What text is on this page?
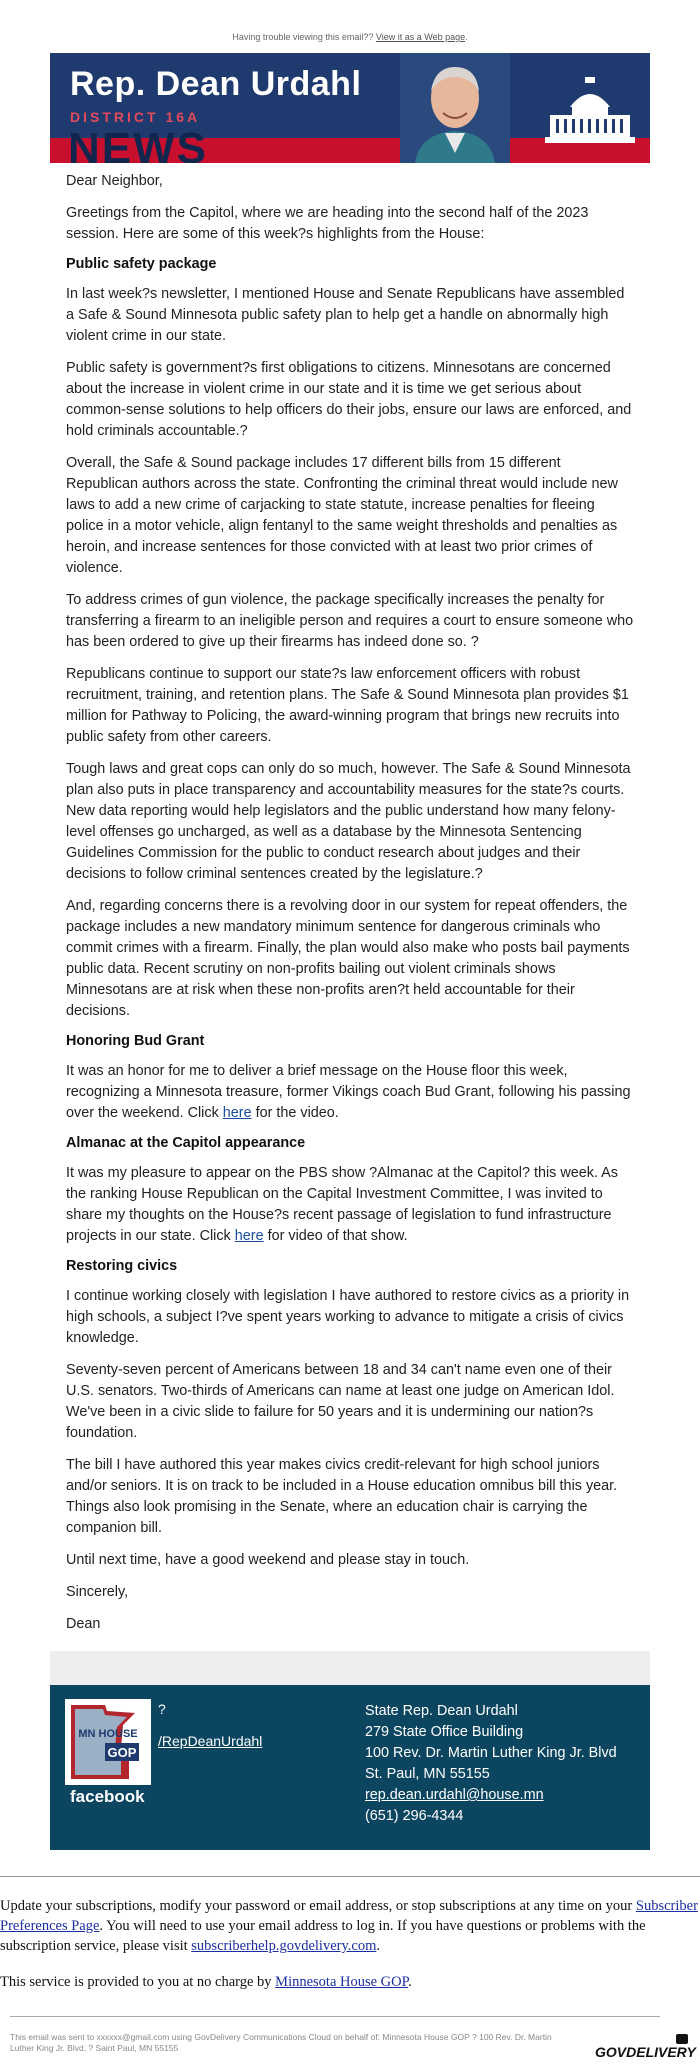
Having trouble viewing this email?? View it as a Web page.
Rep. Dean Urdahl
DISTRICT 16A
NEWS

Dear Neighbor,

Greetings from the Capitol, where we are heading into the second half of the 2023 session. Here are some of this week?s highlights from the House:

Public safety package

In last week?s newsletter, I mentioned House and Senate Republicans have assembled a Safe & Sound Minnesota public safety plan to help get a handle on abnormally high violent crime in our state.

Public safety is government?s first obligations to citizens. Minnesotans are concerned about the increase in violent crime in our state and it is time we get serious about common-sense solutions to help officers do their jobs, ensure our laws are enforced, and hold criminals accountable.?

Overall, the Safe & Sound package includes 17 different bills from 15 different Republican authors across the state. Confronting the criminal threat would include new laws to add a new crime of carjacking to state statute, increase penalties for fleeing police in a motor vehicle, align fentanyl to the same weight thresholds and penalties as heroin, and increase sentences for those convicted with at least two prior crimes of violence.

To address crimes of gun violence, the package specifically increases the penalty for transferring a firearm to an ineligible person and requires a court to ensure someone who has been ordered to give up their firearms has indeed done so. ?

Republicans continue to support our state?s law enforcement officers with robust recruitment, training, and retention plans. The Safe & Sound Minnesota plan provides $1 million for Pathway to Policing, the award-winning program that brings new recruits into public safety from other careers.

Tough laws and great cops can only do so much, however. The Safe & Sound Minnesota plan also puts in place transparency and accountability measures for the state?s courts. New data reporting would help legislators and the public understand how many felony-level offenses go uncharged, as well as a database by the Minnesota Sentencing Guidelines Commission for the public to conduct research about judges and their decisions to follow criminal sentences created by the legislature.?

And, regarding concerns there is a revolving door in our system for repeat offenders, the package includes a new mandatory minimum sentence for dangerous criminals who commit crimes with a firearm. Finally, the plan would also make who posts bail payments public data. Recent scrutiny on non-profits bailing out violent criminals shows Minnesotans are at risk when these non-profits aren?t held accountable for their decisions.

Honoring Bud Grant

It was an honor for me to deliver a brief message on the House floor this week, recognizing a Minnesota treasure, former Vikings coach Bud Grant, following his passing over the weekend. Click here for the video.

Almanac at the Capitol appearance

It was my pleasure to appear on the PBS show ?Almanac at the Capitol? this week. As the ranking House Republican on the Capital Investment Committee, I was invited to share my thoughts on the House?s recent passage of legislation to fund infrastructure projects in our state. Click here for video of that show.

Restoring civics

I continue working closely with legislation I have authored to restore civics as a priority in high schools, a subject I?ve spent years working to advance to mitigate a crisis of civics knowledge.

Seventy-seven percent of Americans between 18 and 34 can't name even one of their U.S. senators. Two-thirds of Americans can name at least one judge on American Idol. We've been in a civic slide to failure for 50 years and it is undermining our nation?s foundation.

The bill I have authored this year makes civics credit-relevant for high school juniors and/or seniors. It is on track to be included in a House education omnibus bill this year. Things also look promising in the Senate, where an education chair is carrying the companion bill.

Until next time, have a good weekend and please stay in touch.

Sincerely,

Dean

MN HOUSE
GOP
facebook
?
/RepDeanUrdahl
State Rep. Dean Urdahl
279 State Office Building
100 Rev. Dr. Martin Luther King Jr. Blvd
St. Paul, MN 55155
rep.dean.urdahl@house.mn
(651) 296-4344

Update your subscriptions, modify your password or email address, or stop subscriptions at any time on your Subscriber Preferences Page. You will need to use your email address to log in. If you have questions or problems with the subscription service, please visit subscriberhelp.govdelivery.com.

This service is provided to you at no charge by Minnesota House GOP.

This email was sent to xxxxxx@gmail.com using GovDelivery Communications Cloud on behalf of: Minnesota House GOP ? 100 Rev. Dr. Martin Luther King Jr. Blvd. ? Saint Paul, MN 55155	GOVDELIVERY
